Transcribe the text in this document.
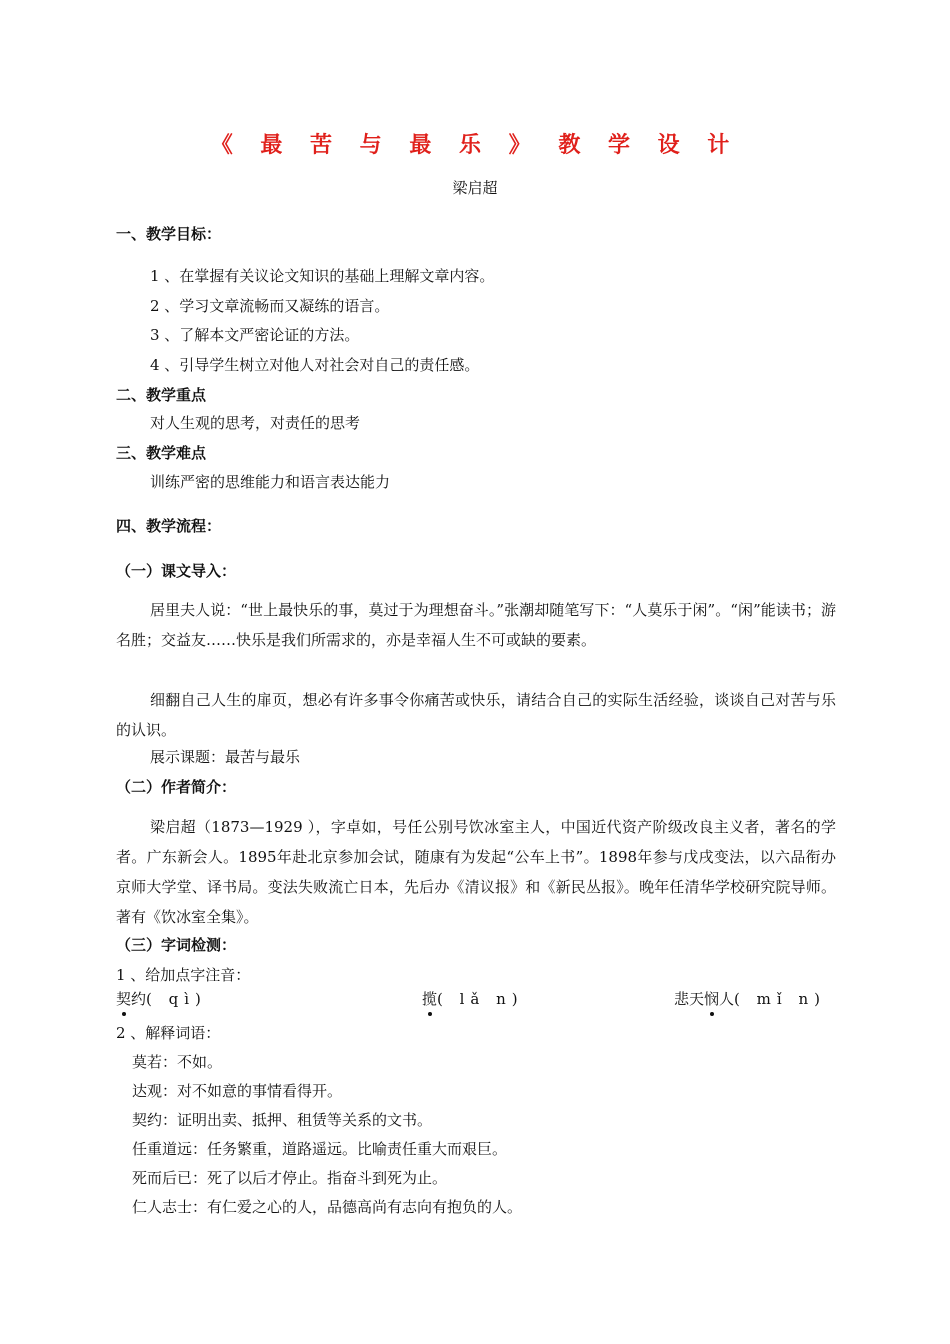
《 最 苦 与 最 乐 》 教 学 设 计
梁启超
一、教学目标：
1 、在掌握有关议论文知识的基础上理解文章内容。
2 、学习文章流畅而又凝练的语言。
3 、了解本文严密论证的方法。
4 、引导学生树立对他人对社会对自己的责任感。
二、教学重点
对人生观的思考，对责任的思考
三、教学难点
训练严密的思维能力和语言表达能力
四、教学流程：
（一）课文导入：
居里夫人说：“世上最快乐的事，莫过于为理想奋斗。”张潮却随笔写下：“人莫乐于闲”。“闲”能读书；游名胜；交益友……快乐是我们所需求的，亦是幸福人生不可或缺的要素。
细翻自己人生的扉页，想必有许多事令你痛苦或快乐，请结合自己的实际生活经验，谈谈自己对苦与乐的认识。
展示课题：最苦与最乐
（二）作者简介：
梁启超（1873—1929 ），字卓如，号任公别号饮冰室主人，中国近代资产阶级改良主义者，著名的学者。广东新会人。1895年赴北京参加会试，随康有为发起“公车上书”。1898年参与戊戌变法，以六品衔办京师大学堂、译书局。变法失败流亡日本，先后办《清议报》和《新民丛报》。晚年任清华学校研究院导师。著有《饮冰室全集》。
（三）字词检测：
1 、给加点字注音：
契约( qì)	揽( lǎ n)	悲天悯人( mǐ n)
2 、解释词语：
莫若：不如。
达观：对不如意的事情看得开。
契约：证明出卖、抵押、租赁等关系的文书。
任重道远：任务繁重，道路遥远。比喻责任重大而艰巨。
死而后已：死了以后才停止。指奋斗到死为止。
仁人志士：有仁爱之心的人，品德高尚有志向有抱负的人。
